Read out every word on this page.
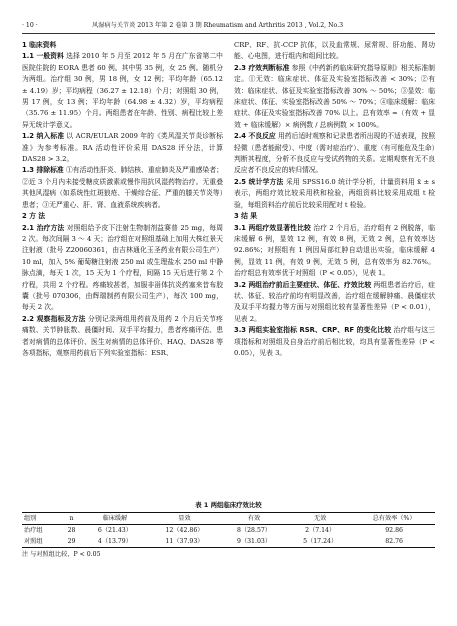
· 10 ·	风湿病与关节炎 2013 年第 2 卷第 3 期 Rheumatism and Arthritis 2013 , Vol.2, No.3
1 临床资料
1.1 一般资料 选择 2010 年 5 月至 2012 年 5 月在广东省第二中医院住院的 EORA 患者 60 例。其中男 35 例，女 25 例。随机分为两组。治疗组 30 例，男 18 例，女 12 例；平均年龄（65.12 ± 4.19）岁；平均病程（36.27 ± 12.18）个月；对照组 30 例，男 17 例，女 13 例；平均年龄（64.98 ± 4.32）岁，平均病程（35.76 ± 11.95）个月。两组患者在年龄、性别、病程比较上差异无统计学意义。
1.2 纳入标准 以 ACR/EULAR 2009 年的《类风湿关节炎诊断标准》为参考标准。RA 活动性评价采用 DAS28 评分法，计算 DAS28 > 3.2。
1.3 排除标准 ①有活动性肝炎、肺结核、重症肺炎及严重感染者；②近 3 个月内未接受糖皮质激素或慢作用抗风湿药物治疗。无重叠其他风湿病（如系统性红斑狼疮、干燥综合征、严重的膝关节炎等）患者；③无严重心、肝、肾、血液系统疾病者。
2 方 法
2.1 治疗方法 对照组给予皮下注射生物制剂益赛普 25 mg，每周 2 次。每次间隔 3 ～ 4 天；治疗组在对照组基础上加用大株红景天注射液（批号 Z20060361，由吉林通化玉圣药业有限公司生产）10 ml，加入 5% 葡萄糖注射液 250 ml 或生理盐水 250 ml 中静脉点滴，每天 1 次，15 天为 1 个疗程，间隔 15 天后进行第 2 个疗程，共用 2 个疗程。疼痛较甚者，加服非甾体抗炎药塞来昔布胶囊（批号 070306，由辉瑞制药有限公司生产），每次 100 mg，每天 2 次。
2.2 观察指标及方法 分别记录两组用药前及用药 2 个月后关节疼痛数、关节肿胀数、晨僵时间、双手平均握力，患者疼痛评估、患者对病情的总体评价、医生对病情的总体评价、HAQ、DAS28 等各项指标，观察用药前后下列实验室指标：ESR、
CRP、RF、抗-CCP 抗体，以及血常规、尿常规、肝功能、肾功能、心电图，进行组内和组间比较。
2.3 疗效判断标准 参照《中药新药临床研究指导原则》相关标准制定。①无效：临床症状、体征及实验室指标改善 < 30%；②有效：临床症状、体征及实验室指标改善 30% ～ 50%；③显效：临床症状、体征、实验室指标改善 50% ～ 70%；④临床缓解：临床症状、体征及实验室指标改善 70% 以上。总有效率 =（有效 + 显效 + 临床缓解）× 病例数 / 总病例数 × 100%。
2.4 不良反应 用药后适时观察和记录患者所出现的不适表现，按照轻微（患者能耐受）、中度（需对症治疗）、重度（有可能危及生命）判断其程度，分析不良反应与受试药物的关系。定期观察有无不良反应者不良反应的转归情况。
2.5 统计学方法 采用 SPSS16.0 统计学分析，计量资料用 x̄ ± s 表示，两组疗效比较采用秩和检验，两组资料比较采用成组 t 检验，每组资料治疗前后比较采用配对 t 检验。
3 结 果
3.1 两组疗效显著性比较 治疗 2 个月后，治疗组有 2 例脱落，临床缓解 6 例，显效 12 例，有效 8 例，无效 2 例，总有效率达 92.86%；对照组有 1 例因局部红肿自动退出实验，临床缓解 4 例，显效 11 例，有效 9 例，无效 5 例，总有效率为 82.76%。治疗组总有效率优于对照组（P < 0.05），见表 1。
3.2 两组治疗前后主要症状、体征、疗效比较 两组患者治疗后，症状、体征、较治疗前均有明显改善，治疗组在缓解肿痛、晨僵症状及双手平均握力等方面与对照组比较有显著性差异（P < 0.01），见表 2。
3.3 两组实验室指标 RSR、CRP、RF 的变化比较 治疗组与这三项指标和对照组及自身治疗前后相比较，均具有显著性差异（P < 0.05），见表 3。
表 1 两组临床疗效比较
组别	n	临床缓解	显效	有效	无效	总有效率（%）
治疗组	28	6（21.43）	12（42.86）	8（28.57）	2（7.14）	92.86
对照组	29	4（13.79）	11（37.93）	9（31.03）	5（17.24）	82.76
注 与对照组比较，P < 0.05
